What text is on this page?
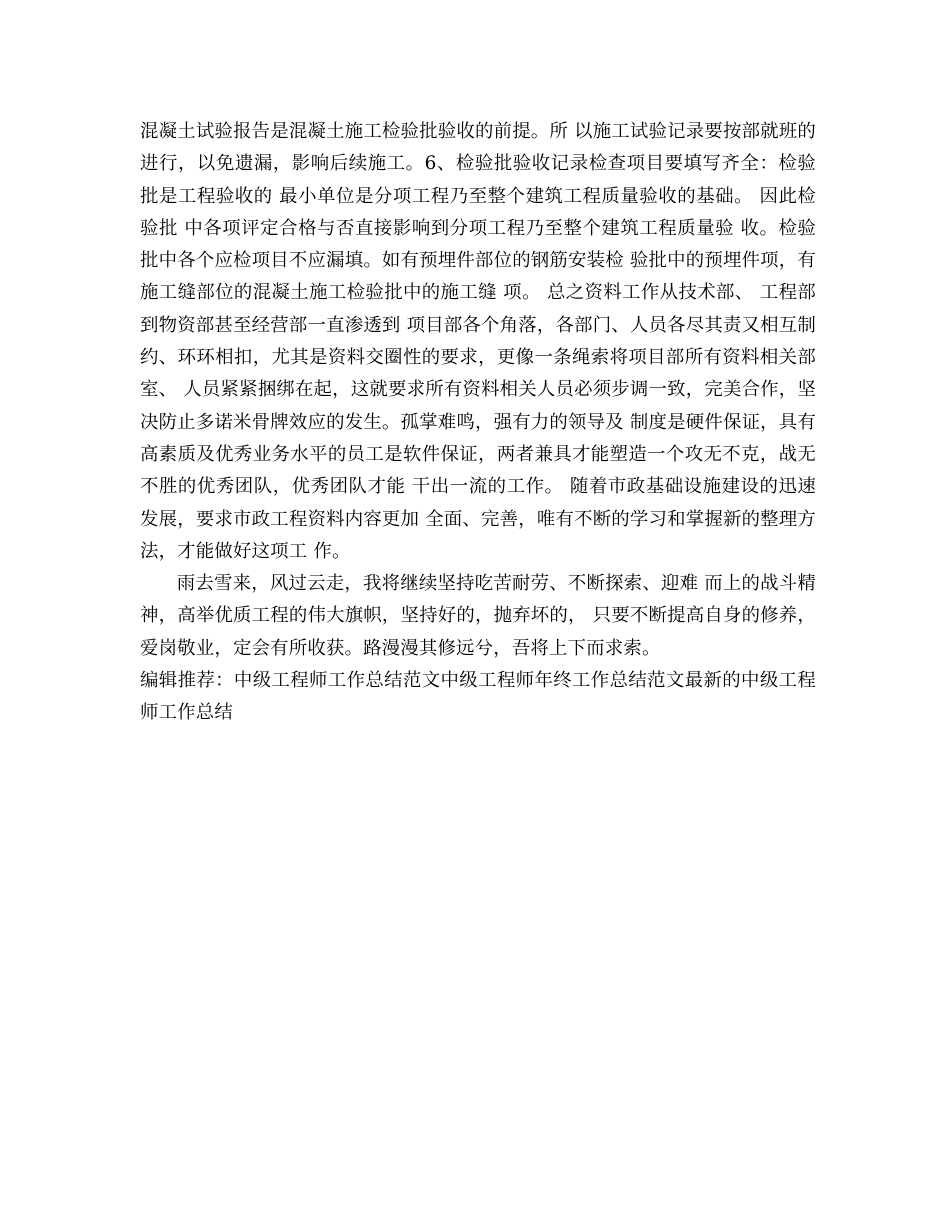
混凝土试验报告是混凝土施工检验批验收的前提。所 以施工试验记录要按部就班的进行，以免遗漏，影响后续施工。6、检验批验收记录检查项目要填写齐全：检验批是工程验收的 最小单位是分项工程乃至整个建筑工程质量验收的基础。 因此检验批 中各项评定合格与否直接影响到分项工程乃至整个建筑工程质量验 收。检验批中各个应检项目不应漏填。如有预埋件部位的钢筋安装检 验批中的预埋件项，有施工缝部位的混凝土施工检验批中的施工缝 项。 总之资料工作从技术部、 工程部到物资部甚至经营部一直渗透到 项目部各个角落，各部门、人员各尽其责又相互制约、环环相扣，尤其是资料交圈性的要求，更像一条绳索将项目部所有资料相关部室、 人员紧紧捆绑在起，这就要求所有资料相关人员必须步调一致，完美合作，坚决防止多诺米骨牌效应的发生。孤掌难鸣，强有力的领导及 制度是硬件保证，具有高素质及优秀业务水平的员工是软件保证，两者兼具才能塑造一个攻无不克，战无不胜的优秀团队，优秀团队才能 干出一流的工作。 随着市政基础设施建设的迅速发展，要求市政工程资料内容更加 全面、完善，唯有不断的学习和掌握新的整理方法，才能做好这项工 作。

雨去雪来，风过云走，我将继续坚持吃苦耐劳、不断探索、迎难 而上的战斗精神，高举优质工程的伟大旗帜，坚持好的，抛弃坏的， 只要不断提高自身的修养，爱岗敬业，定会有所收获。路漫漫其修远兮，吾将上下而求索。

编辑推荐：中级工程师工作总结范文中级工程师年终工作总结范文最新的中级工程师工作总结
